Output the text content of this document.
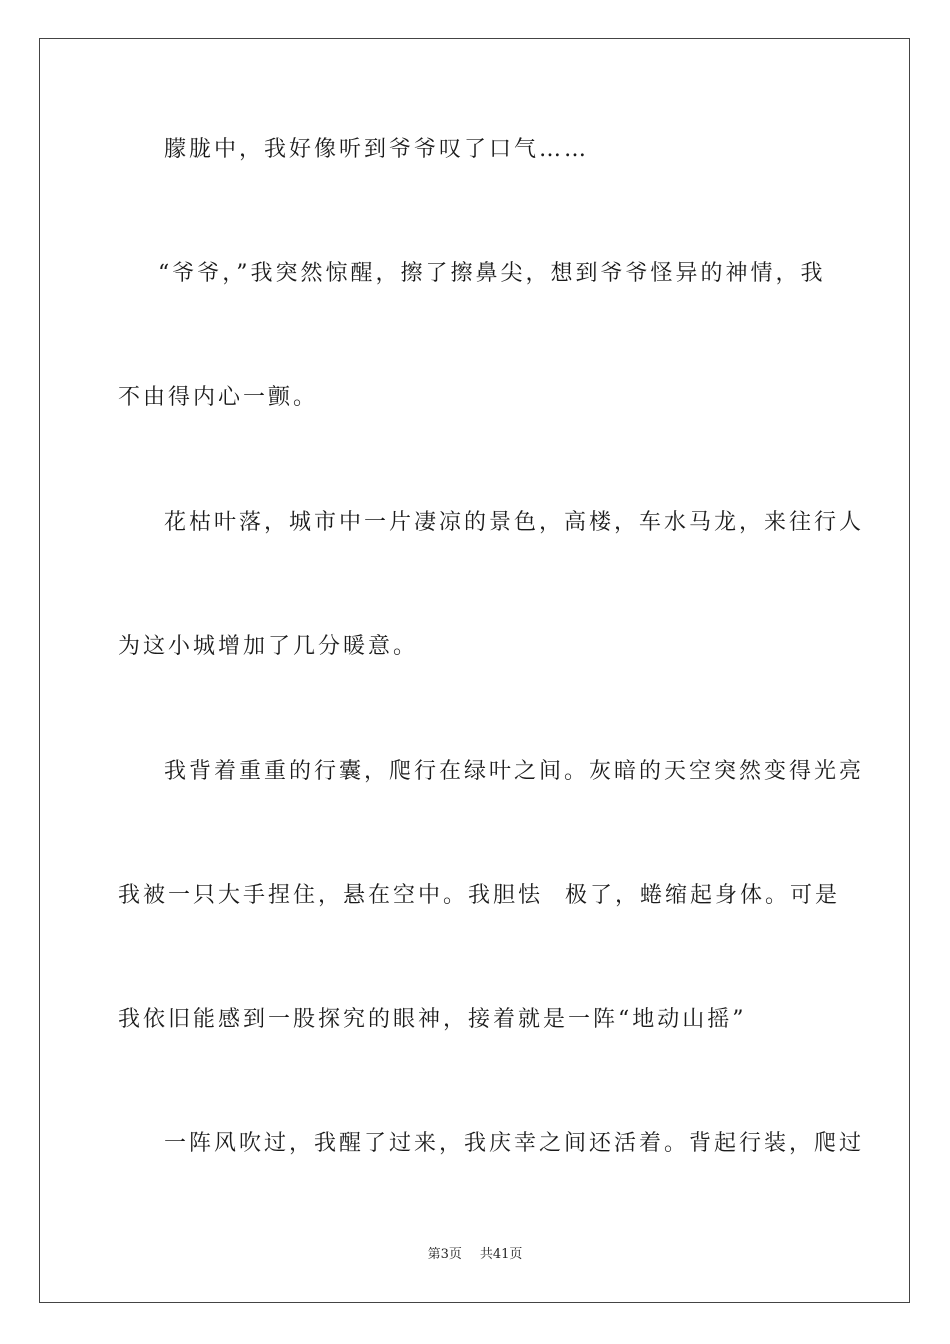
朦胧中，我好像听到爷爷叹了口气……
“爷爷，”我突然惊醒，擦了擦鼻尖，想到爷爷怪异的神情，我
不由得内心一颤。
花枯叶落，城市中一片凄凉的景色，高楼，车水马龙，来往行人
为这小城增加了几分暖意。
我背着重重的行囊，爬行在绿叶之间。灰暗的天空突然变得光亮
我被一只大手捏住，悬在空中。我胆怯 极了，蜷缩起身体。可是
我依旧能感到一股探究的眼神，接着就是一阵“地动山摇”
一阵风吹过，我醒了过来，我庆幸之间还活着。背起行装，爬过
第3页 共41页
